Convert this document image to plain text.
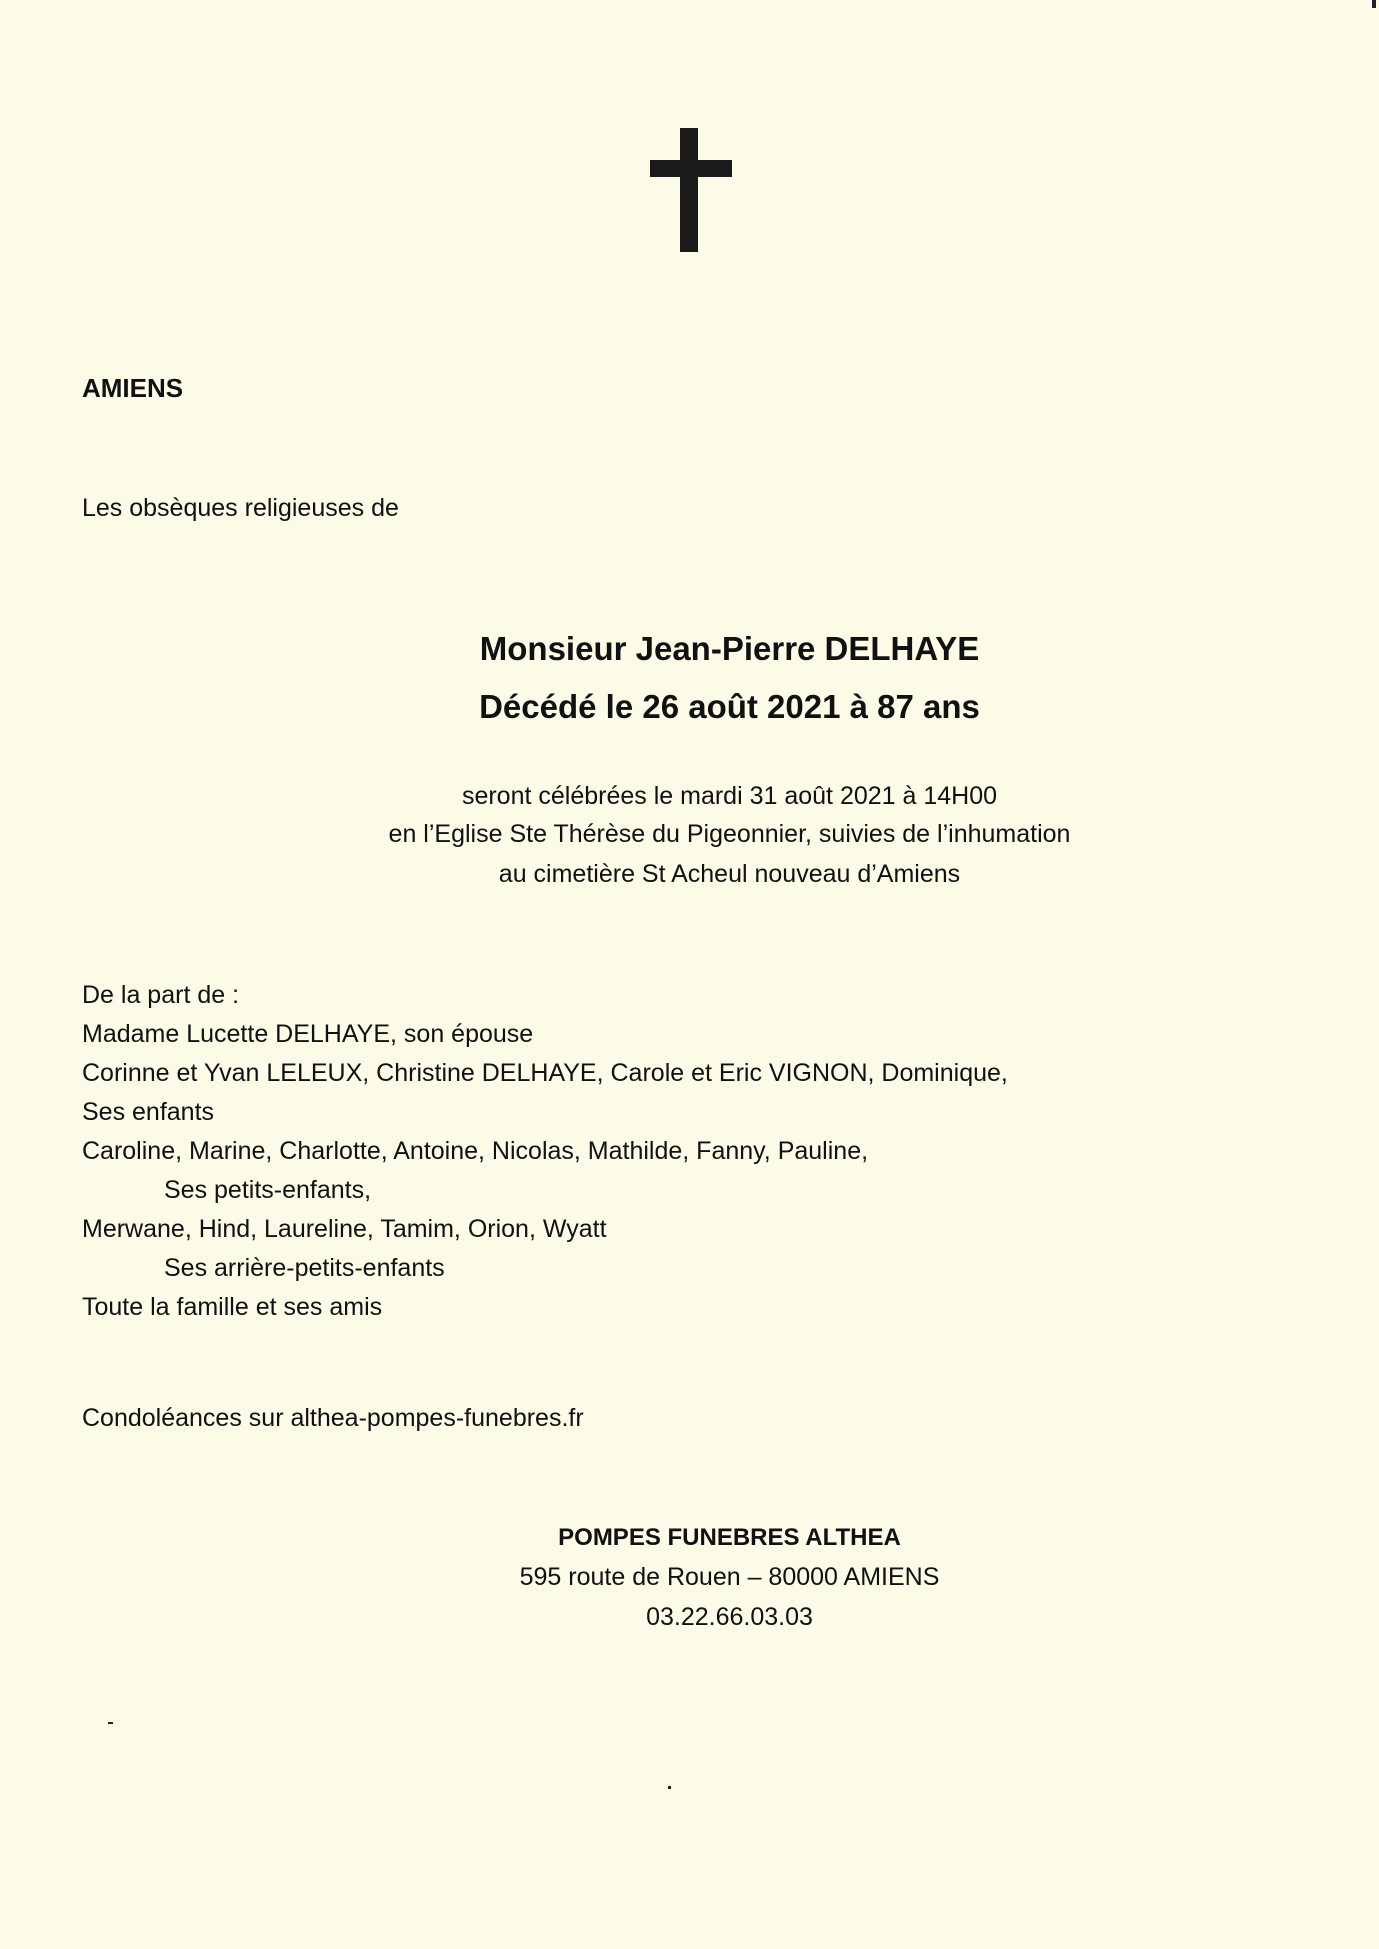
AMIENS
Les obsèques religieuses de
Monsieur Jean-Pierre DELHAYE
Décédé le 26 août 2021 à 87 ans
seront célébrées le mardi 31 août 2021 à 14H00
en l’Eglise Ste Thérèse du Pigeonnier, suivies de l’inhumation
au cimetière St Acheul nouveau d’Amiens
De la part de :
Madame Lucette DELHAYE, son épouse
Corinne et Yvan LELEUX, Christine DELHAYE, Carole et Eric VIGNON, Dominique,
Ses enfants
Caroline, Marine, Charlotte, Antoine, Nicolas, Mathilde, Fanny, Pauline,
Ses petits-enfants,
Merwane, Hind, Laureline, Tamim, Orion, Wyatt
Ses arrière-petits-enfants
Toute la famille et ses amis
Condoléances sur althea-pompes-funebres.fr
POMPES FUNEBRES ALTHEA
595 route de Rouen – 80000 AMIENS
03.22.66.03.03
